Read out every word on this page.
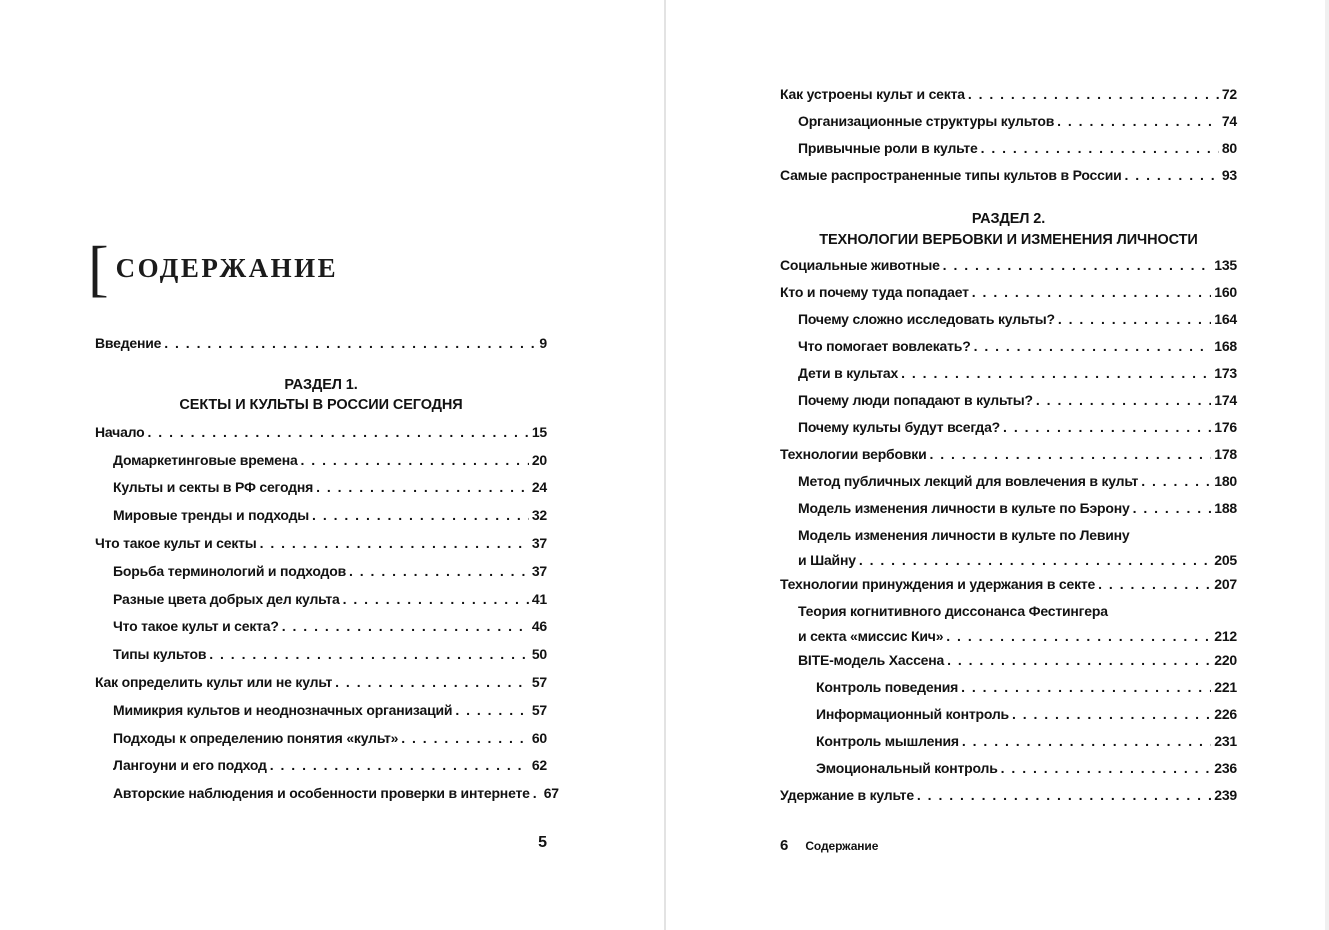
[ СОДЕРЖАНИЕ
Введение . . .	9
РАЗДЕЛ 1.
СЕКТЫ И КУЛЬТЫ В РОССИИ СЕГОДНЯ
Начало . . .	15
Домаркетинговые времена . . .	20
Культы и секты в РФ сегодня . . .	24
Мировые тренды и подходы . . .	32
Что такое культ и секты . . .	37
Борьба терминологий и подходов . . .	37
Разные цвета добрых дел культа . . .	41
Что такое культ и секта? . . .	46
Типы культов . . .	50
Как определить культ или не культ . . .	57
Мимикрия культов и неоднозначных организаций . . .	57
Подходы к определению понятия «культ» . . .	60
Лангоуни и его подход . . .	62
Авторские наблюдения и особенности проверки в интернете . . . 67
5
Как устроены культ и секта . . .	72
Организационные структуры культов . . .	74
Привычные роли в культе . . .	80
Самые распространенные типы культов в России . . .	93
РАЗДЕЛ 2.
ТЕХНОЛОГИИ ВЕРБОВКИ И ИЗМЕНЕНИЯ ЛИЧНОСТИ
Социальные животные . . .	135
Кто и почему туда попадает . . .	160
Почему сложно исследовать культы? . . .	164
Что помогает вовлекать? . . .	168
Дети в культах . . .	173
Почему люди попадают в культы? . . .	174
Почему культы будут всегда? . . .	176
Технологии вербовки . . .	178
Метод публичных лекций для вовлечения в культ . . .	180
Модель изменения личности в культе по Бэрону . . .	188
Модель изменения личности в культе по Левину
и Шайну . . .	205
Технологии принуждения и удержания в секте . . .	207
Теория когнитивного диссонанса Фестингера
и секта «миссис Кич» . . .	212
BITE-модель Хассена . . .	220
Контроль поведения . . .	221
Информационный контроль . . .	226
Контроль мышления . . .	231
Эмоциональный контроль . . .	236
Удержание в культе . . .	239
6 Содержание
